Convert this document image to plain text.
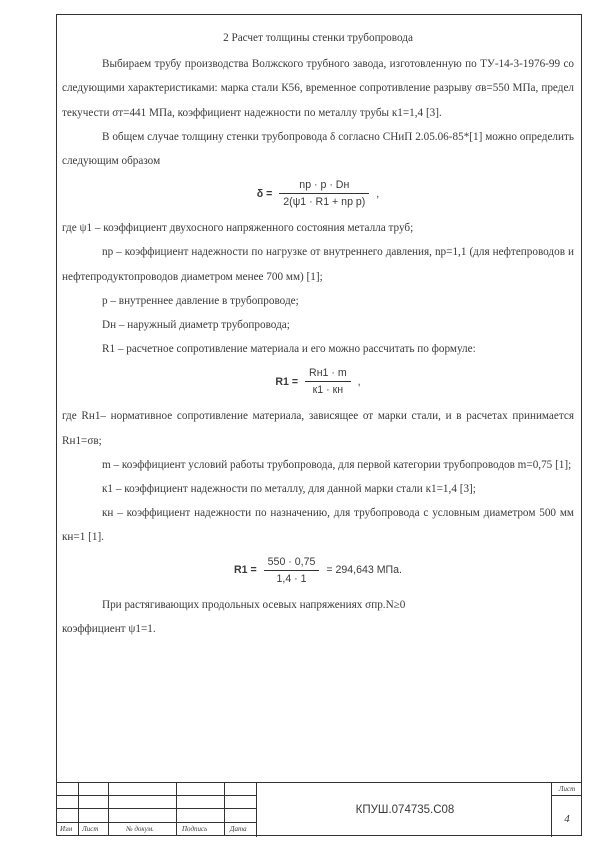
2 Расчет толщины стенки трубопровода
Выбираем трубу производства Волжского трубного завода, изготовленную по ТУ-14-3-1976-99 со следующими характеристиками: марка стали К56, временное сопротивление разрыву σв=550 МПа, предел текучести σт=441 МПа, коэффициент надежности по металлу трубы к1=1,4 [3].
В общем случае толщину стенки трубопровода δ согласно СНиП 2.05.06-85*[1] можно определить следующим образом
$\delta = \frac{nр \cdot p \cdot Dн}{\text{2(ψ1 · R1 + nр p)}}$ ,
где ψ1 – коэффициент двухосного напряженного состояния металла труб;
nр – коэффициент надежности по нагрузке от внутреннего давления, nр=1,1 (для нефтепроводов и нефтепродуктопроводов диаметром менее 700 мм) [1];
p – внутреннее давление в трубопроводе;
Dн – наружный диаметр трубопровода;
R1 – расчетное сопротивление материала и его можно рассчитать по формуле:
$R1 = \frac{Rн1 \cdot m}{к1 \cdot кн}$ ,
где Rн1– нормативное сопротивление материала, зависящее от марки стали, и в расчетах принимается Rн1=σв;
m – коэффициент условий работы трубопровода, для первой категории трубопроводов m=0,75 [1];
к1 – коэффициент надежности по металлу, для данной марки стали к1=1,4 [3];
кн – коэффициент надежности по назначению, для трубопровода с условным диаметром 500 мм кн=1 [1].
$R1 = \frac{550 \cdot 0,75}{1,4 \cdot 1} = 294,643$ МПа.
При растягивающих продольных осевых напряжениях σпр.N≥0
коэффициент ψ1=1.
Изм Лист	№ докум.	Подпись	Дата
КПУШ.074735.C08
Лист
4
